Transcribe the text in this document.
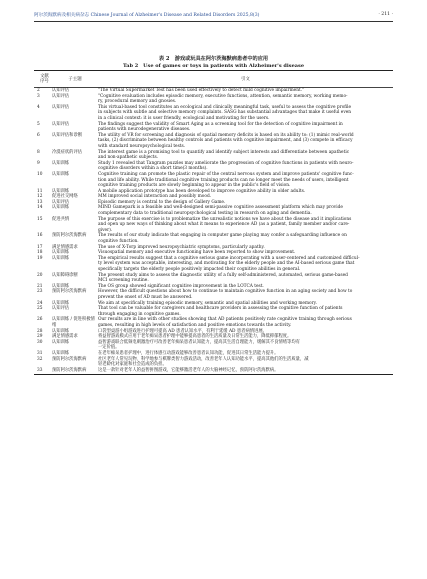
阿尔茨海默病及相关病杂志 Chinese Journal of Alzheimer's Disease and Related Disorders 2025,8(3)	· 211 ·
表 2　游戏或玩具在阿尔茨海默病患者中的应用
Tab 2　Use of games or toys in patients with Alzheimer's disease
文献
序号	子主题	引文
2	认知评估	"The Virtual Supermarket Test has been used effectively to detect mild cognitive impairment."
3	认知评估	"Cognitive evaluation includes episodic memory, executive functions, attention, semantic memory, working memo-
ry, procedural memory and gnosies.
4	认知评估	This virtual-based tool constitutes an ecological and clinically meaningful task, useful to assess the cognitive profile
in subjects with subtle and selective memory complaints. SASG has substantial advantages that make it useful even
in a clinical context: it is user friendly, ecological and motivating for the users.
5	认知评估	The findings suggest the validity of Smart Aging as a screening tool for the detection of cognitive impairment in
patients with neurodegenerative diseases.
6	认知评估和诊断	The utility of VR for screening and diagnosis of spatial memory deficits is based on its ability to: (1) mimic real-world
tasks, (2) discriminate between healthy controls and patients with cognitive impairment, and (3) compete in efficacy
with standard neuropsychological tests.
8	冷漠症状的评估	The interest game is a promising tool to quantify and identify subject interests and differentiate between apathetic
and non-apathetic subjects.
9	认知训练	Study 1 revealed that Tangram puzzles may ameliorate the progression of cognitive functions in patients with neuro-
cognitive disorders within a short time(3 months).
10	认知训练	Cognitive training can promote the plastic repair of the central nervous system and improve patients' cognitive func-
tion and life ability. While traditional cognitive training products can no longer meet the needs of users, intelligent
cognitive training products are slowly beginning to appear in the public's field of vision.
11	认知训练	A mobile application prototype has been developed to improve cognitive ability in older adults.
12	促进社交网络	MM improved social interaction and possibly mood.
13	认知评估	Episodic memory is central to the design of Gallery Game.
14	认知训练	MIND Gamepark is a feasible and well-designed semi-passive cognitive assessment platform which may provide
complementary data to traditional neuropsychological testing in research on aging and dementia.
15	促进共情	The purpose of this exercise is to problematize the unrealistic notions we have about the disease and it implications
and open up new ways of thinking about what it means to experience AD (as a patient, family member and/or care-
giver).
16	预防阿尔茨海默病	The results of our study indicate that engaging in computer game playing may confer a safeguarding influence on
cognitive function.
17	满足情感需求	The use of X-Torp improved neuropsychiatric symptoms, particularly apathy.
18	认知训练	Visuospatial memory and executive functioning have been reported to show improvement.
19	认知训练	The empirical results suggest that a cognitive serious game incorporating with a user-centered and customized difficul-
ty level system was acceptable, interesting, and motivating for the elderly people and the AI-based serious game that
specifically targets the elderly people positively impacted their cognitive abilities in general.
20	认知障碍诊断	The present study aims to assess the diagnostic utility of a fully self-administered, automated, serious game-based
MCI screening routine.
21	认知训练	The OS group showed significant cognitive improvement in the LOTCA test.
23	预防阿尔茨海默病	However, the difficult questions about how to continue to maintain cognitive function in an aging society and how to
prevent the onset of AD must be answered.
24	认知训练	We aim at specifically training episodic memory, semantic and spatial abilities and working memory.
25	认知评估	That tool can be valuable for caregivers and healthcare providers in assessing the cognitive function of patients
through engaging in cognitive games.
26	认知训练 / 促进积极情绪
Our results are in line with other studies showing that AD patients positively rate cognitive training through serious
games, resulting in high levels of satisfaction and positive emotions towards the activity.
28	认知训练	口袋型桌游小组游戏进行护理可提高 AD 患者认知水平，有利于延缓 AD 患者病情进展。
29	满足情感需求	将益智游戏模式应用于老年痴呆患者护理中能够提高患者的生活质量及日常生活能力，降低抑郁程度。
30	认知训练	益智游戏联合低频电刺激治疗可改善老年痴呆患者认知能力，提高其生活自理能力，缓解其不良情绪等均有
一定价值。
31	认知训练	在老年痴呆患者护理中，进行体感互动游戏能够改善患者认知功能，促进其日常生活能力提升。
32	预防阿尔茨海默病	社区老年人常见玩物、科学地参与棋牌类智力游戏活动，改善老年人认知功能水平，提高其他们的生活质量，减
轻老龄化对家庭和社会造成的负担。
33	预防阿尔茨海默病	这是一款针对老年人的益智拼图游戏，它能够激活老年人的大脑神经记忆，预防阿尔茨海默病。
